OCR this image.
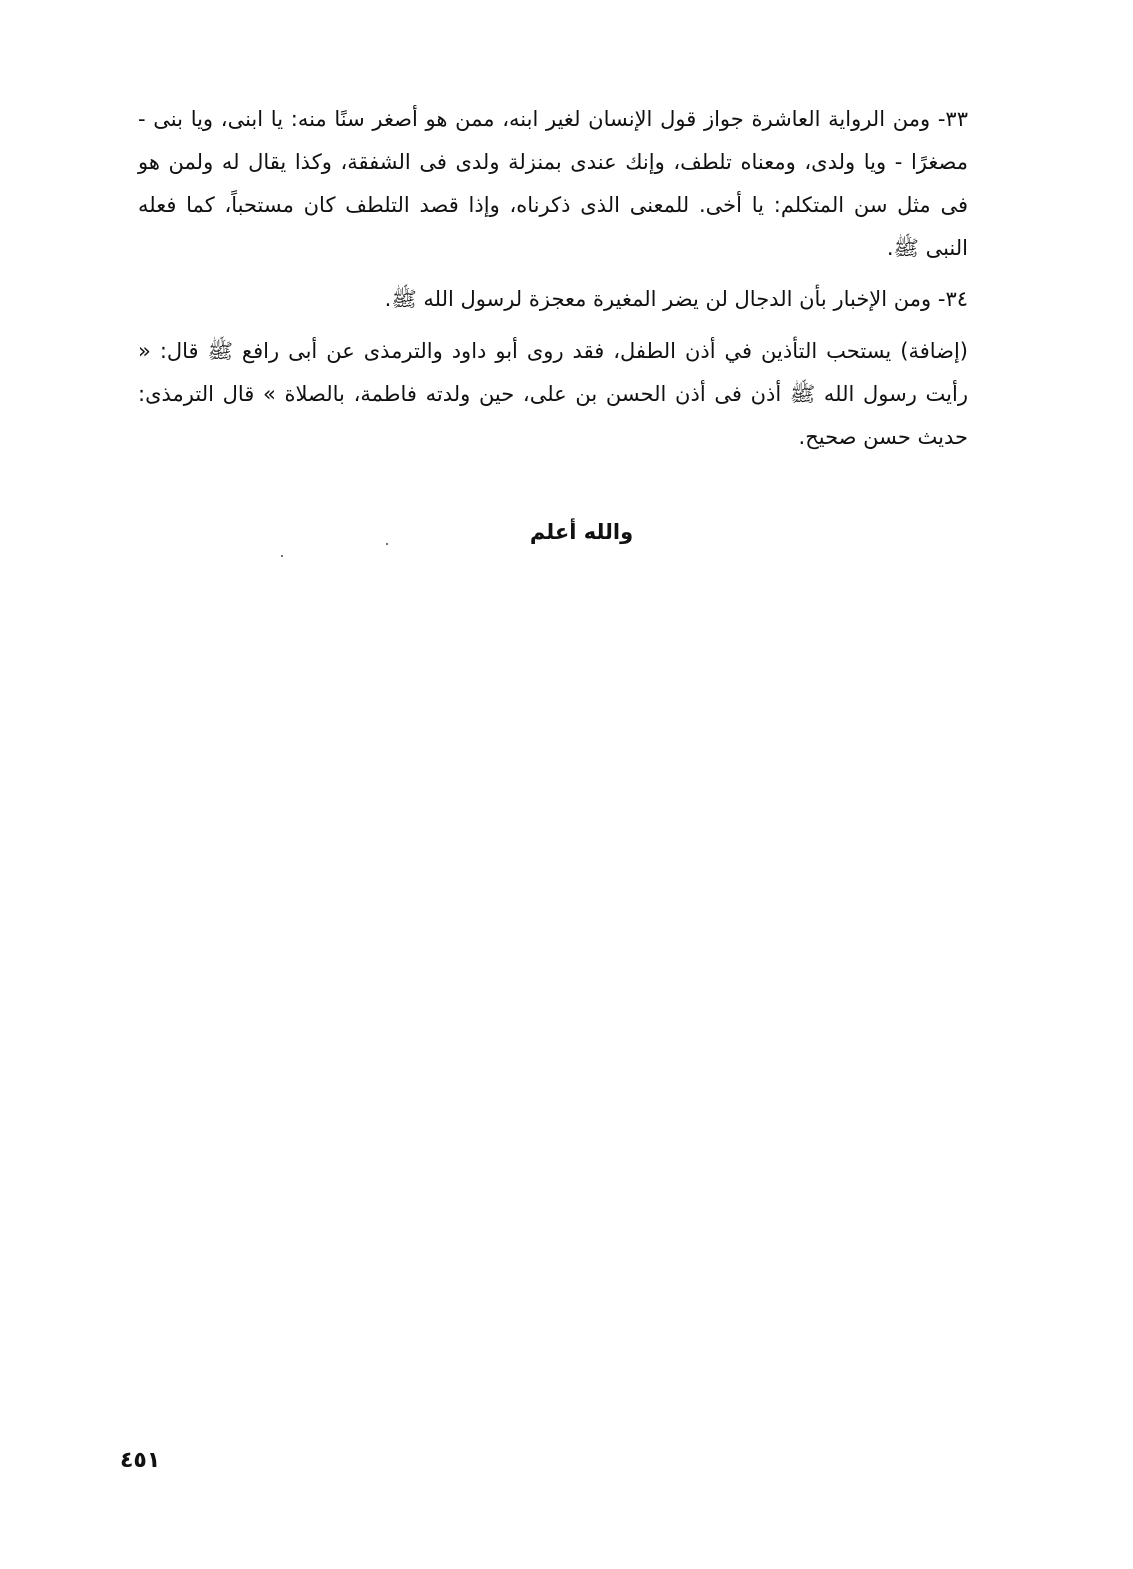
٣٣- ومن الرواية العاشرة جواز قول الإنسان لغير ابنه، ممن هو أصغر سنًا منه: يا ابنى، ويا بنى - مصغرًا - ويا ولدى، ومعناه تلطف، وإنك عندى بمنزلة ولدى فى الشفقة، وكذا يقال له ولمن هو فى مثل سن المتكلم: يا أخى. للمعنى الذى ذكرناه، وإذا قصد التلطف كان مستحباً، كما فعله النبى ﷺ.
٣٤- ومن الإخبار بأن الدجال لن يضر المغيرة معجزة لرسول الله ﷺ.
(إضافة) يستحب التأذين في أذن الطفل، فقد روى أبو داود والترمذى عن أبى رافع ﷺ قال: « رأيت رسول الله ﷺ أذن فى أذن الحسن بن على، حين ولدته فاطمة، بالصلاة » قال الترمذى: حديث حسن صحيح.
والله أعلم
٤٥١
